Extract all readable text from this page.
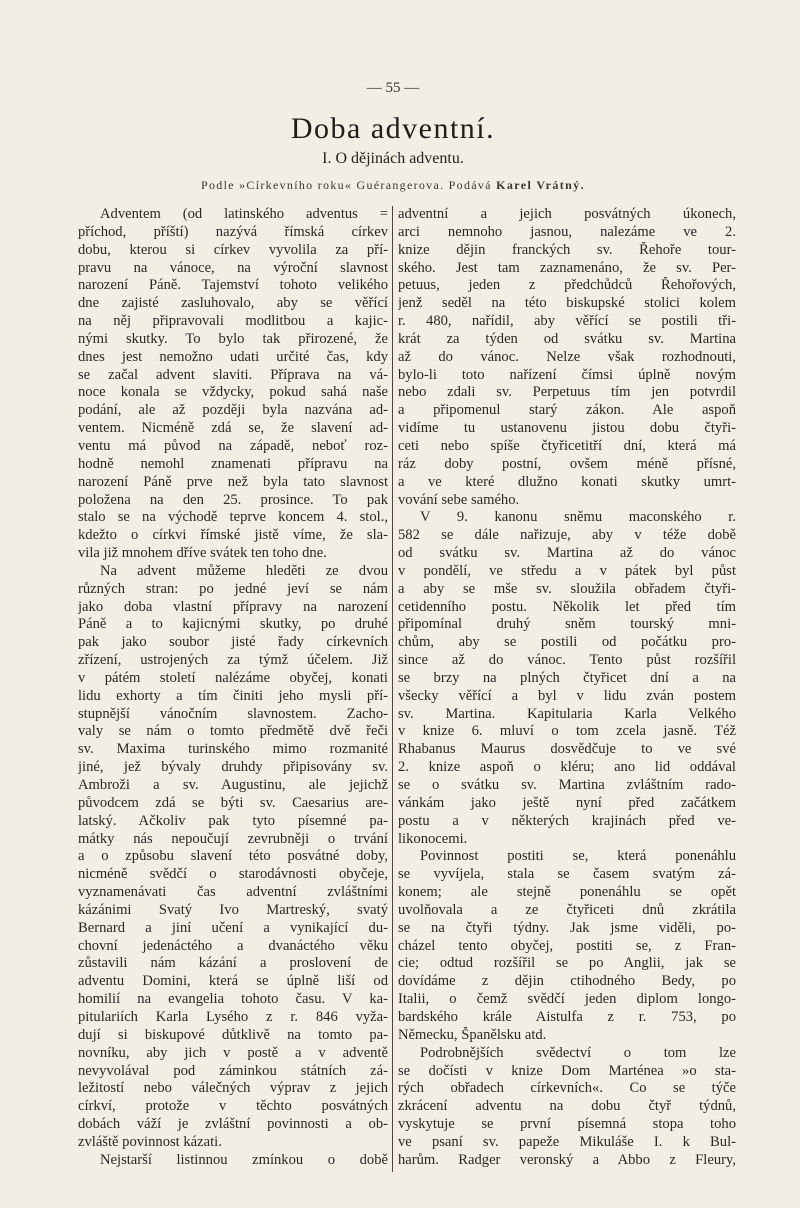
— 55 —
Doba adventní.
I. O dějinách adventu.
Podle »Církevního roku« Guérangerova. Podává Karel Vrátný.
Adventem (od latinského adventus =
příchod, příští) nazývá římská církev
dobu, kterou si církev vyvolila za pří-
pravu na vánoce, na výroční slavnost
narození Páně. Tajemství tohoto velikého
dne zajisté zasluhovalo, aby se věřící
na něj připravovali modlitbou a kajic-
nými skutky. To bylo tak přirozené, že
dnes jest nemožno udati určité čas, kdy
se začal advent slaviti. Příprava na vá-
noce konala se vždycky, pokud sahá naše
podání, ale až později byla nazvána ad-
ventem. Nicméně zdá se, že slavení ad-
ventu má původ na západě, neboť roz-
hodně nemohl znamenati přípravu na
narození Páně prve než byla tato slavnost
položena na den 25. prosince. To pak
stalo se na východě teprve koncem 4. stol.,
kdežto o církvi římské jistě víme, že sla-
vila již mnohem dříve svátek ten toho dne.
Na advent můžeme hleděti ze dvou
různých stran: po jedné jeví se nám
jako doba vlastní přípravy na narození
Páně a to kajicnými skutky, po druhé
pak jako soubor jisté řady církevních
zřízení, ustrojených za týmž účelem. Již
v pátém století nalézáme obyčej, konati
lidu exhorty a tím činiti jeho mysli pří-
stupnější vánočním slavnostem. Zacho-
valy se nám o tomto předmětě dvě řeči
sv. Maxima turinského mimo rozmanité
jiné, jež bývaly druhdy připisovány sv.
Ambroži a sv. Augustinu, ale jejichž
původcem zdá se býti sv. Caesarius are-
latský. Ačkoliv pak tyto písemné pa-
mátky nás nepoučují zevrubněji o trvání
a o způsobu slavení této posvátné doby,
nicméně svědčí o starodávnosti obyčeje,
vyznamenávati čas adventní zvláštními
kázánimi Svatý Ivo Martreský, svatý
Bernard a jiní učení a vynikající du-
chovní jedenáctého a dvanáctého věku
zůstavili nám kázání a proslovení de
adventu Domini, která se úplně liší od
homilií na evangelia tohoto času. V ka-
pitulariích Karla Lysého z r. 846 vyža-
dují si biskupové důtklivě na tomto pa-
novníku, aby jich v postě a v adventě
nevyvolával pod záminkou státních zá-
ležitostí nebo válečných výprav z jejich
církví, protože v těchto posvátných
dobách váží je zvláštní povinnosti a ob-
zvláště povinnost kázati.
Nejstarší listinnou zmínkou o době
adventní a jejich posvátných úkonech,
arci nemnoho jasnou, nalezáme ve 2.
knize dějin franckých sv. Řehoře tour-
ského. Jest tam zaznamenáno, že sv. Per-
petuus, jeden z předchůdců Řehořových,
jenž seděl na této biskupské stolici kolem
r. 480, nařídil, aby věřící se postili tři-
krát za týden od svátku sv. Martina
až do vánoc. Nelze však rozhodnouti,
bylo-li toto nařízení čímsi úplně novým
nebo zdali sv. Perpetuus tím jen potvrdil
a připomenul starý zákon. Ale aspoň
vidíme tu ustanovenu jistou dobu čtyři-
ceti nebo spíše čtyřicetitří dní, která má
ráz doby postní, ovšem méně přísné,
a ve které dlužno konati skutky umrt-
vování sebe samého.
V 9. kanonu sněmu maconského r.
582 se dále nařizuje, aby v téže době
od svátku sv. Martina až do vánoc
v pondělí, ve středu a v pátek byl půst
a aby se mše sv. sloužila obřadem čtyři-
cetidenního postu. Několik let před tím
připomínal druhý sněm tourský mni-
chům, aby se postili od počátku pro-
since až do vánoc. Tento půst rozšířil
se brzy na plných čtyřicet dní a na
všecky věřící a byl v lidu zván postem
sv. Martina. Kapitularia Karla Velkého
v knize 6. mluví o tom zcela jasně. Též
Rhabanus Maurus dosvědčuje to ve své
2. knize aspoň o kléru; ano lid oddával
se o svátku sv. Martina zvláštním rado-
vánkám jako ještě nyní před začátkem
postu a v některých krajinách před ve-
likonocemi.
Povinnost postiti se, která ponenáhlu
se vyvíjela, stala se časem svatým zá-
konem; ale stejně ponenáhlu se opět
uvolňovala a ze čtyřiceti dnů zkrátila
se na čtyři týdny. Jak jsme viděli, po-
cházel tento obyčej, postiti se, z Fran-
cie; odtud rozšířil se po Anglii, jak se
dovídáme z dějin ctihodného Bedy, po
Italii, o čemž svědčí jeden diplom longo-
bardského krále Aistulfa z r. 753, po
Německu, Španělsku atd.
Podrobnějších svědectví o tom lze
se dočísti v knize Dom Marténea »o sta-
rých obřadech církevních«. Co se týče
zkrácení adventu na dobu čtyř týdnů,
vyskytuje se první písemná stopa toho
ve psaní sv. papeže Mikuláše I. k Bul-
harům. Radger veronský a Abbo z Fleury,
